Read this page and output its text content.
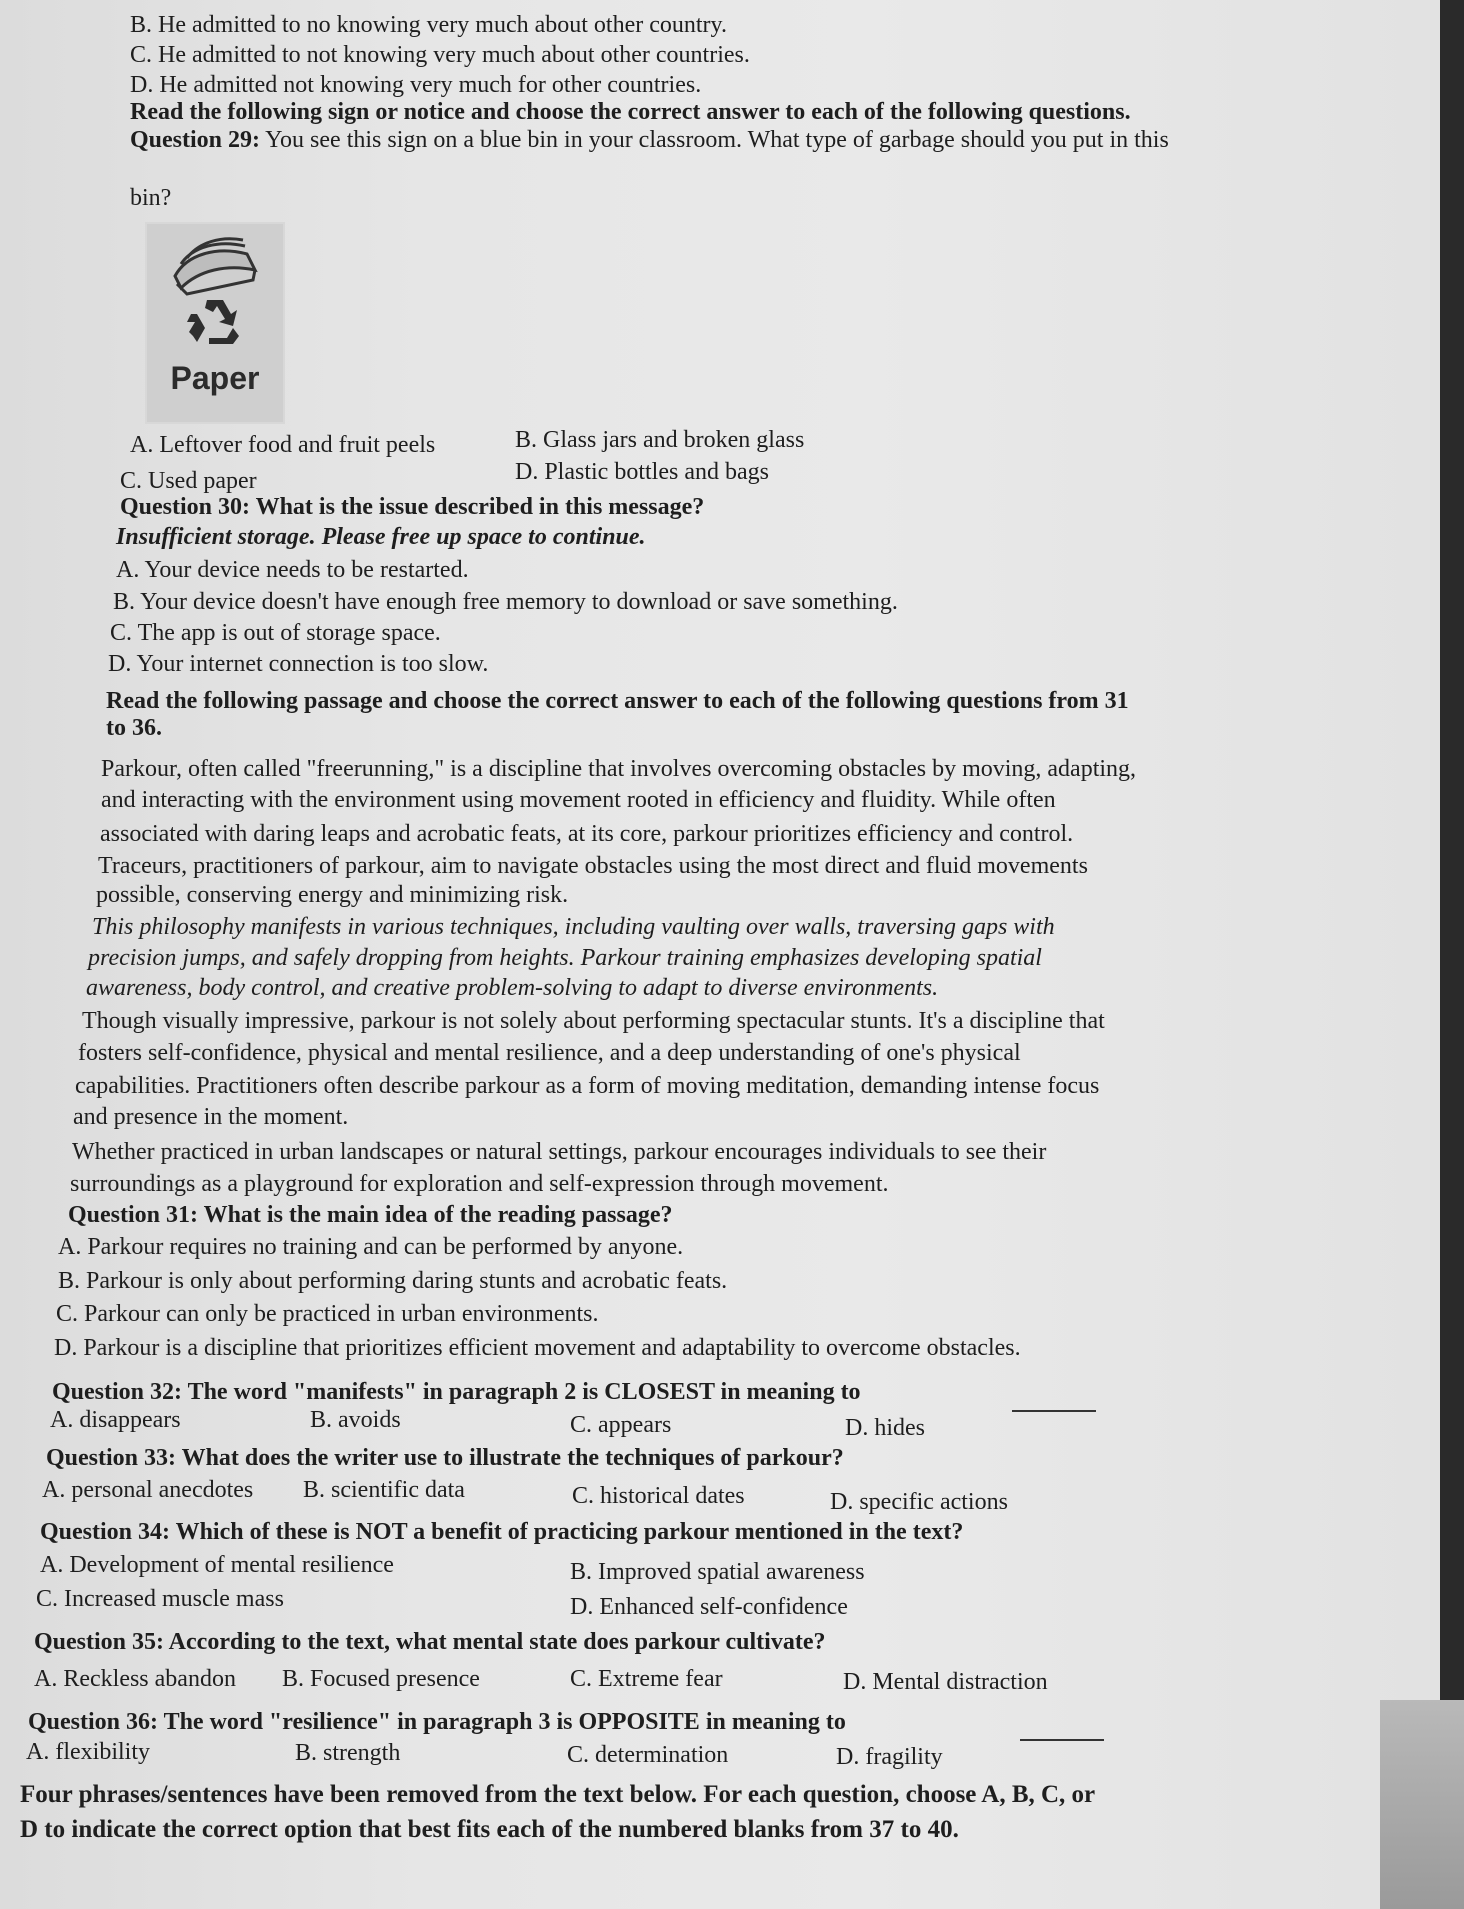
B. He admitted to no knowing very much about other country.
C. He admitted to not knowing very much about other countries.
D. He admitted not knowing very much for other countries.
Read the following sign or notice and choose the correct answer to each of the following questions.
Question 29: You see this sign on a blue bin in your classroom. What type of garbage should you put in this
bin?
Paper
A. Leftover food and fruit peels	B. Glass jars and broken glass
C. Used paper	D. Plastic bottles and bags
Question 30: What is the issue described in this message?
Insufficient storage. Please free up space to continue.
A. Your device needs to be restarted.
B. Your device doesn't have enough free memory to download or save something.
C. The app is out of storage space.
D. Your internet connection is too slow.
Read the following passage and choose the correct answer to each of the following questions from 31
to 36.
Parkour, often called "freerunning," is a discipline that involves overcoming obstacles by moving, adapting,
and interacting with the environment using movement rooted in efficiency and fluidity. While often
associated with daring leaps and acrobatic feats, at its core, parkour prioritizes efficiency and control.
Traceurs, practitioners of parkour, aim to navigate obstacles using the most direct and fluid movements
possible, conserving energy and minimizing risk.
This philosophy manifests in various techniques, including vaulting over walls, traversing gaps with
precision jumps, and safely dropping from heights. Parkour training emphasizes developing spatial
awareness, body control, and creative problem-solving to adapt to diverse environments.
Though visually impressive, parkour is not solely about performing spectacular stunts. It's a discipline that
fosters self-confidence, physical and mental resilience, and a deep understanding of one's physical
capabilities. Practitioners often describe parkour as a form of moving meditation, demanding intense focus
and presence in the moment.
Whether practiced in urban landscapes or natural settings, parkour encourages individuals to see their
surroundings as a playground for exploration and self-expression through movement.
Question 31: What is the main idea of the reading passage?
A. Parkour requires no training and can be performed by anyone.
B. Parkour is only about performing daring stunts and acrobatic feats.
C. Parkour can only be practiced in urban environments.
D. Parkour is a discipline that prioritizes efficient movement and adaptability to overcome obstacles.
Question 32: The word "manifests" in paragraph 2 is CLOSEST in meaning to
A. disappears	B. avoids	C. appears	D. hides
Question 33: What does the writer use to illustrate the techniques of parkour?
A. personal anecdotes B. scientific data	C. historical dates	D. specific actions
Question 34: Which of these is NOT a benefit of practicing parkour mentioned in the text?
A. Development of mental resilience	B. Improved spatial awareness
C. Increased muscle mass	D. Enhanced self-confidence
Question 35: According to the text, what mental state does parkour cultivate?
A. Reckless abandon B. Focused presence	C. Extreme fear	D. Mental distraction
Question 36: The word "resilience" in paragraph 3 is OPPOSITE in meaning to
A. flexibility	B. strength	C. determination	D. fragility
Four phrases/sentences have been removed from the text below. For each question, choose A, B, C, or
D to indicate the correct option that best fits each of the numbered blanks from 37 to 40.
